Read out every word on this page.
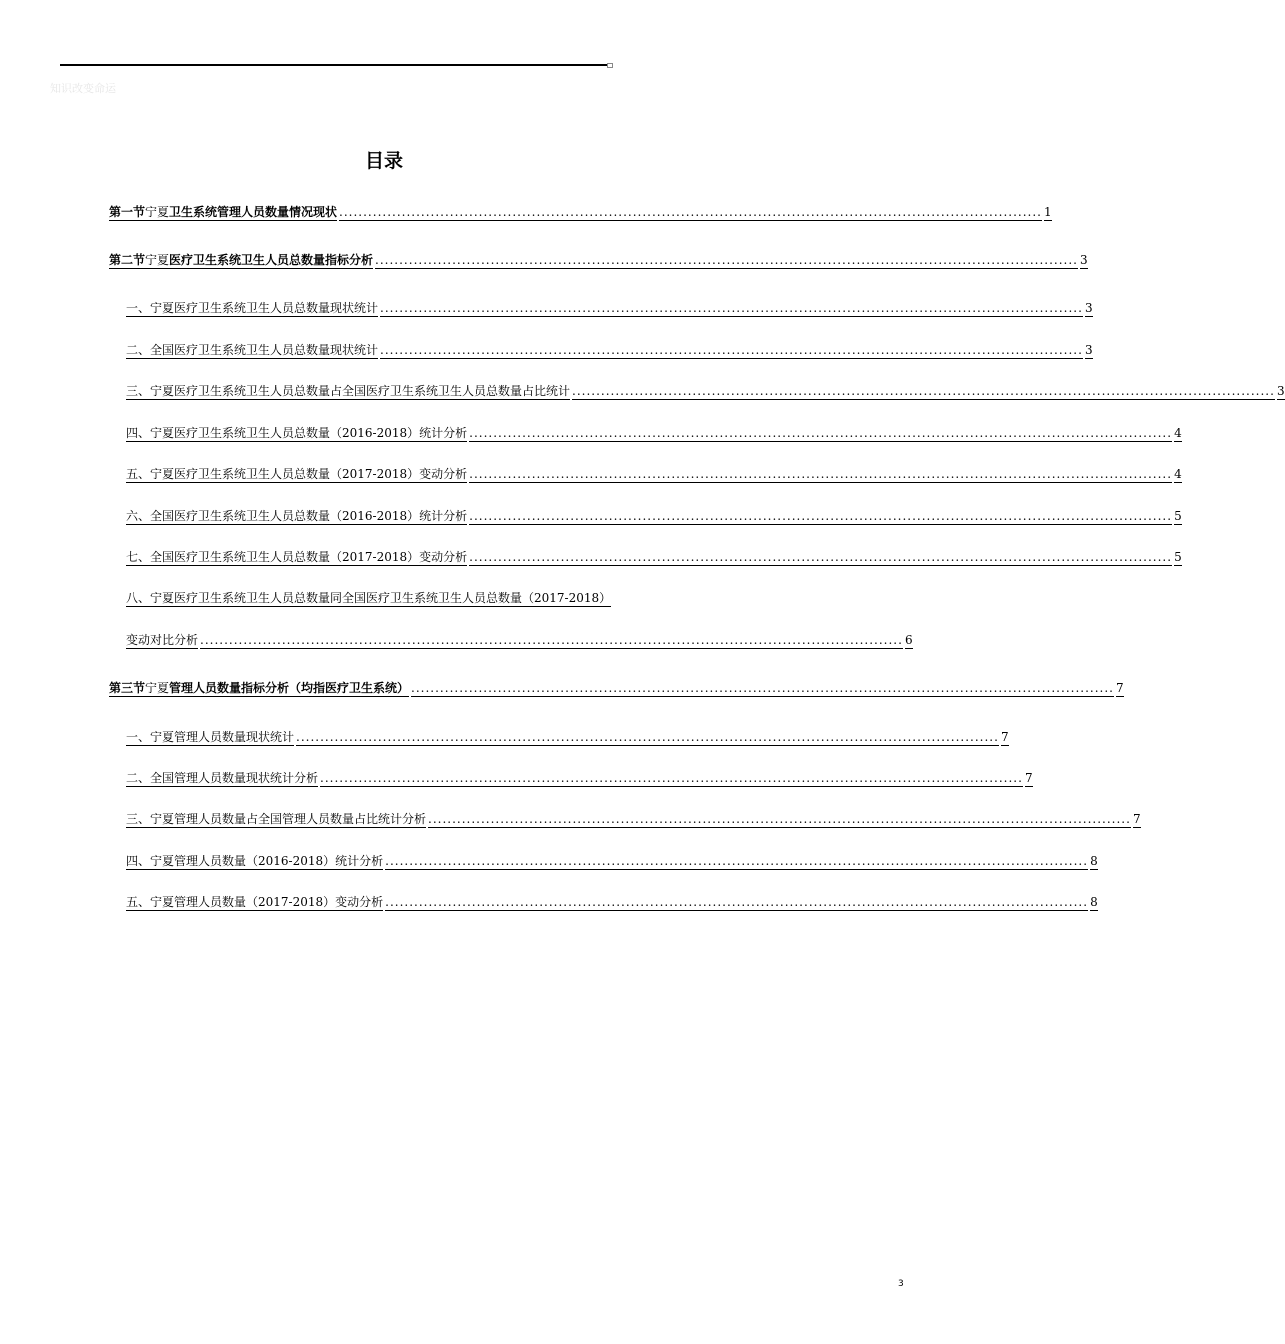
知识改变命运
目录
第一节宁夏卫生系统管理人员数量情况现状 .................................................................................................................................................. 1
第二节宁夏医疗卫生系统卫生人员总数量指标分析 .................................................................................................................................................. 3
一、宁夏医疗卫生系统卫生人员总数量现状统计 .................................................................................................................................................. 3
二、全国医疗卫生系统卫生人员总数量现状统计 .................................................................................................................................................. 3
三、宁夏医疗卫生系统卫生人员总数量占全国医疗卫生系统卫生人员总数量占比统计 .................................................................................................................................................. 3
四、宁夏医疗卫生系统卫生人员总数量（2016-2018）统计分析 .................................................................................................................................................. 4
五、宁夏医疗卫生系统卫生人员总数量（2017-2018）变动分析 .................................................................................................................................................. 4
六、全国医疗卫生系统卫生人员总数量（2016-2018）统计分析 .................................................................................................................................................. 5
七、全国医疗卫生系统卫生人员总数量（2017-2018）变动分析 .................................................................................................................................................. 5
八、宁夏医疗卫生系统卫生人员总数量同全国医疗卫生系统卫生人员总数量（2017-2018）
变动对比分析 .................................................................................................................................................. 6
第三节宁夏管理人员数量指标分析（均指医疗卫生系统） .................................................................................................................................................. 7
一、宁夏管理人员数量现状统计 .................................................................................................................................................. 7
二、全国管理人员数量现状统计分析 .................................................................................................................................................. 7
三、宁夏管理人员数量占全国管理人员数量占比统计分析 .................................................................................................................................................. 7
四、宁夏管理人员数量（2016-2018）统计分析 .................................................................................................................................................. 8
五、宁夏管理人员数量（2017-2018）变动分析 .................................................................................................................................................. 8
3
